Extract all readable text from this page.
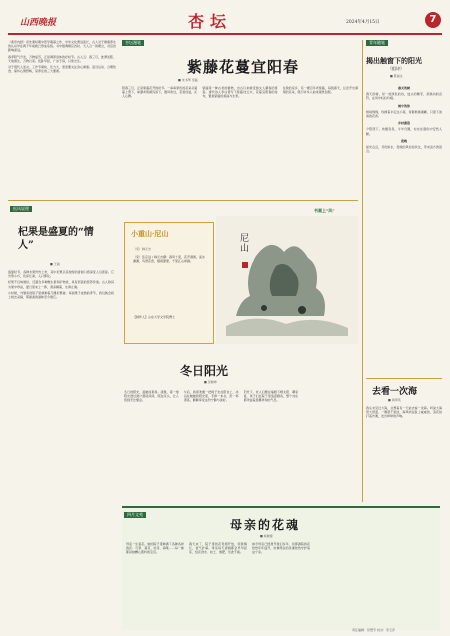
山西晚报	杏坛	2024年4月15日	7
《黄帝内经》是先秦时期中医学奠基之作，中华文化源远流长，古人对于健康养生的认识早在两千年前就已形成系统。书中强调顺应四时、天人合一的理念，对后世影响深远。
春季阳气升发，万物复苏，正是调养身体的好时节。古人云：春三月，此谓发陈，天地俱生，万物以荣。夜卧早起，广步于庭，以使志生。
对于现代人而言，工作节奏快、压力大，更需要关注身心健康。适当运动、合理饮食、保持心情舒畅，是养生的三大要素。
杏坛漫笔
紫藤花蔓宜阳春
■ 朱书琴 吴磊
阳春三月，正是紫藤花开的时节。一串串紫色的花朵从藤蔓上垂下，如瀑布般倾泻而下，微风吹过，花香四溢，沁人心脾。
紫藤是一种古老的植物，自古以来就受到文人墨客的喜爱。唐代诗人李白曾写下紫藤挂云木，花蔓宜阳春的诗句，赞美紫藤的美丽与生机。
在我的家乡，有一棵百年老紫藤，每到春天，总会开出满架的花朵，吸引许多人前来观赏拍照。
松风说理
杞果是盛夏的“情人”
■ 王淑
盛夏时节，各种水果纷纷上市，其中杞果以其独特的香甜口感深受人们喜爱。它外形小巧，色泽红润，入口即化。
杞果不仅味道好，还富含多种维生素和矿物质，具有很高的营养价值。古人称其为果中珍品，夏日里来上一捧，清凉解暑，生津止渴。
小时候，外婆家的院子里就种着几棵杞果树。每到果子成熟的季节，我们就会爬上树去采摘，那甜美的滋味至今难忘。
书画上“风”
小重山·尼山
（宋）韩元吉
（宋）张宗远 / 韩元吉撰：春风十里，花开满园，溪水潺潺，鸟语花香，烟雨蒙蒙，千里江山如画。
【制作人】山东大学文学院博士
尼山
冬日阳光
■ 吴晓坤
冬日的阳光，温暖而柔和。清晨，第一缕阳光透过窗户洒进房间，照在床头，让人感到无比惬意。
午后，我喜欢搬一把椅子坐在阳台上，沐浴在暖暖的阳光里，手捧一本书，泡一杯清茶，静静享受这份宁静与美好。
阳光下，老人们聚在墙根下晒太阳、聊家常，孩子们在院子里追逐嬉戏，整个村庄都洋溢着温馨祥和的气息。
四月文苑
母亲的花魂
■ 杨晓蕾
母亲一生爱花。她的院子里种满了各种各样的花：月季、菊花、牡丹、海棠……每一株都是她精心照料的宝贝。
春天来了，院子里的花竞相开放，姹紫嫣红，香气扑鼻。母亲每天清晨都会早早起床，给花浇水、松土、施肥，乐此不疲。
如今母亲已经离开我们多年，但那满院的花依然年年盛开，仿佛母亲的灵魂依然守护着这个家。
青年随笔
揭出触窗下的阳光
（组诗）
■ 陈丽生
春天的树
春天的树，是一首绿色的诗，枝头的嫩芽，是跳动的音符，在风中轻轻吟唱。
雨中的你
细雨绵绵，你撑着伞走过小巷，背影渐渐模糊，只留下淡淡的花香。
乡村黄昏
夕阳西下，炊烟袅袅，牛羊归圈，村庄在暮色中安然入睡。
夜晚
星光点点，月色如水，夜晚的风轻轻吹过，带来远方的思念。
去看一次海
■ 胡翠英
我从未见过大海，总想着有一天能去看一次海。听说大海很大很蓝，一眼望不到边，海风吹在脸上咸咸的，浪花拍打着沙滩，发出哗哗的声响。
责任编辑：彭慧芳 校对：李玉萍
